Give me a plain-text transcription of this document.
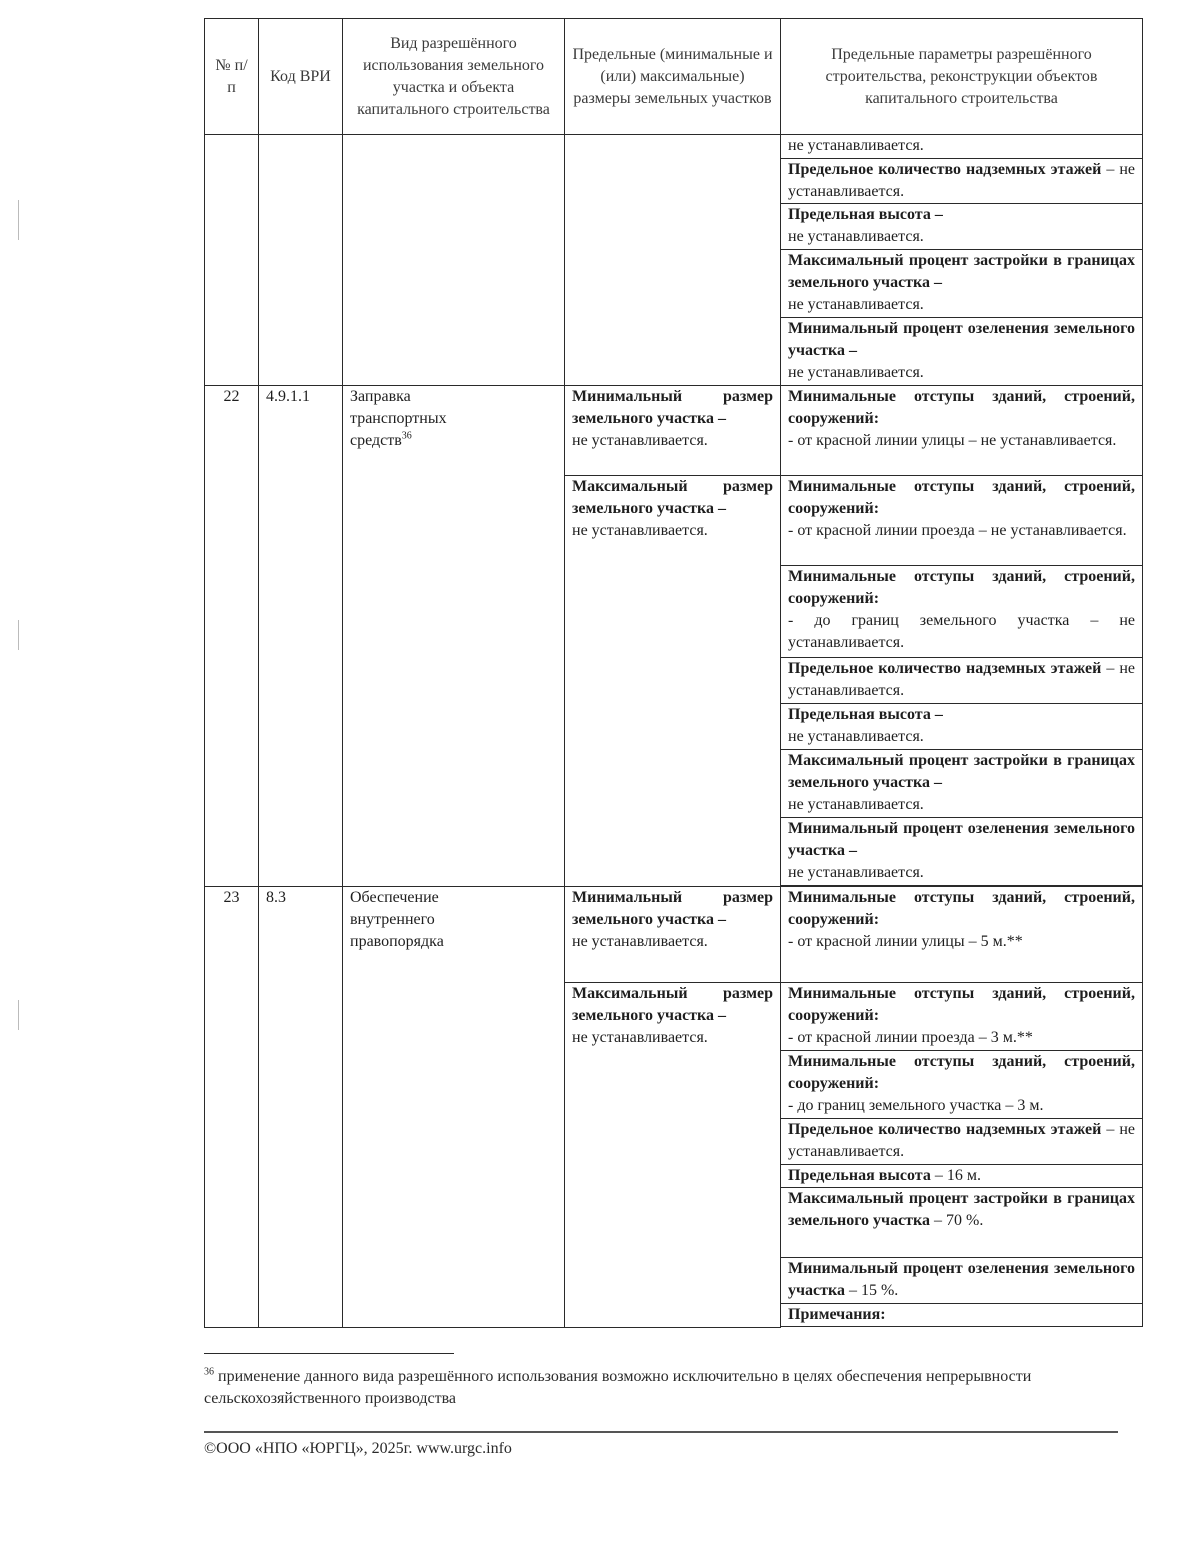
№ п/п	Код ВРИ	Вид разрешённого использования земельного участка и объекта капитального строительства	Предельные (минимальные и (или) максимальные) размеры земельных участков	Предельные параметры разрешённого строительства, реконструкции объектов капитального строительства
				не устанавливается.
				Предельное количество надземных этажей – не устанавливается.

				Предельная высота –
не устанавливается.

				Максимальный процент застройки в границах земельного участка –
не устанавливается.

				Минимальный процент озеленения земельного участка –
не устанавливается.
22	4.9.1.1	Заправка транспортных средств$^{36}$	Минимальный размер земельного участка –
не устанавливается.	Минимальные отступы зданий, строений, сооружений:
- от красной линии улицы – не устанавливается.

			Максимальный размер земельного участка –
не устанавливается.	Минимальные отступы зданий, строений, сооружений:
- от красной линии проезда – не устанавливается.

				Минимальные отступы зданий, строений, сооружений:
- до границ земельного участка – не устанавливается.
				Предельное количество надземных этажей – не устанавливается.

				Предельная высота –
не устанавливается.

				Максимальный процент застройки в границах земельного участка –
не устанавливается.

				Минимальный процент озеленения земельного участка –
не устанавливается.

23	8.3	Обеспечение внутреннего правопорядка	Минимальный размер земельного участка –
не устанавливается.	Минимальные отступы зданий, строений, сооружений:
- от красной линии улицы – 5 м.**

			Максимальный размер земельного участка –
не устанавливается.	Минимальные отступы зданий, строений, сооружений:
- от красной линии проезда – 3 м.**

				Минимальные отступы зданий, строений, сооружений:
- до границ земельного участка – 3 м.
				Предельное количество надземных этажей – не устанавливается.
				Предельная высота – 16 м.
				Максимальный процент застройки в границах земельного участка – 70 %.
				Минимальный процент озеленения земельного участка – 15 %.
				Примечания:

$^{36}$ применение данного вида разрешённого использования возможно исключительно в целях обеспечения непрерывности сельскохозяйственного производства
©ООО «НПО «ЮРГЦ», 2025г. www.urgc.info
